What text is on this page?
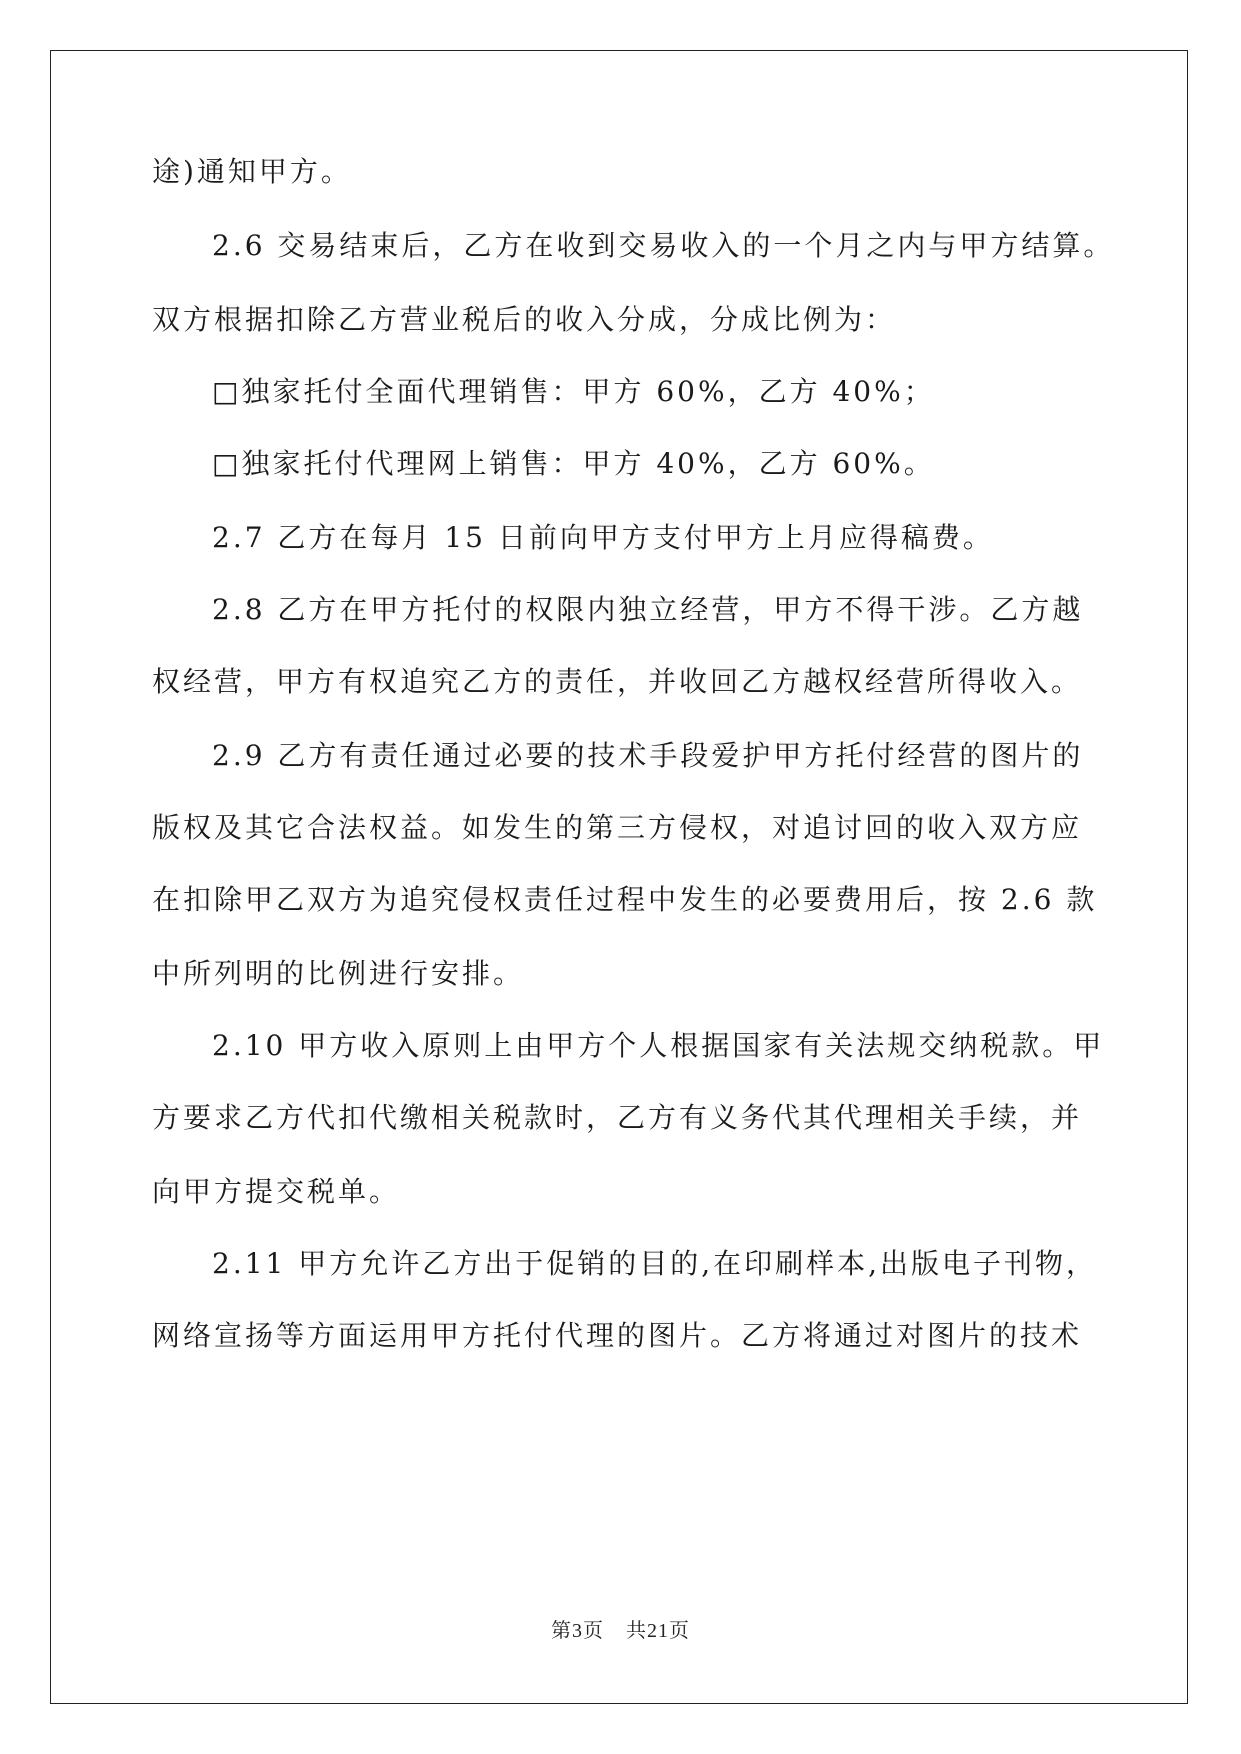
途)通知甲方。
2.6 交易结束后，乙方在收到交易收入的一个月之内与甲方结算。
双方根据扣除乙方营业税后的收入分成，分成比例为：
□独家托付全面代理销售：甲方 60%，乙方 40%；
□独家托付代理网上销售：甲方 40%，乙方 60%。
2.7 乙方在每月 15 日前向甲方支付甲方上月应得稿费。
2.8 乙方在甲方托付的权限内独立经营，甲方不得干涉。乙方越
权经营，甲方有权追究乙方的责任，并收回乙方越权经营所得收入。
2.9 乙方有责任通过必要的技术手段爱护甲方托付经营的图片的
版权及其它合法权益。如发生的第三方侵权，对追讨回的收入双方应
在扣除甲乙双方为追究侵权责任过程中发生的必要费用后，按 2.6 款
中所列明的比例进行安排。
2.10 甲方收入原则上由甲方个人根据国家有关法规交纳税款。甲
方要求乙方代扣代缴相关税款时，乙方有义务代其代理相关手续，并
向甲方提交税单。
2.11 甲方允许乙方出于促销的目的,在印刷样本,出版电子刊物，
网络宣扬等方面运用甲方托付代理的图片。乙方将通过对图片的技术
第3页 共21页
